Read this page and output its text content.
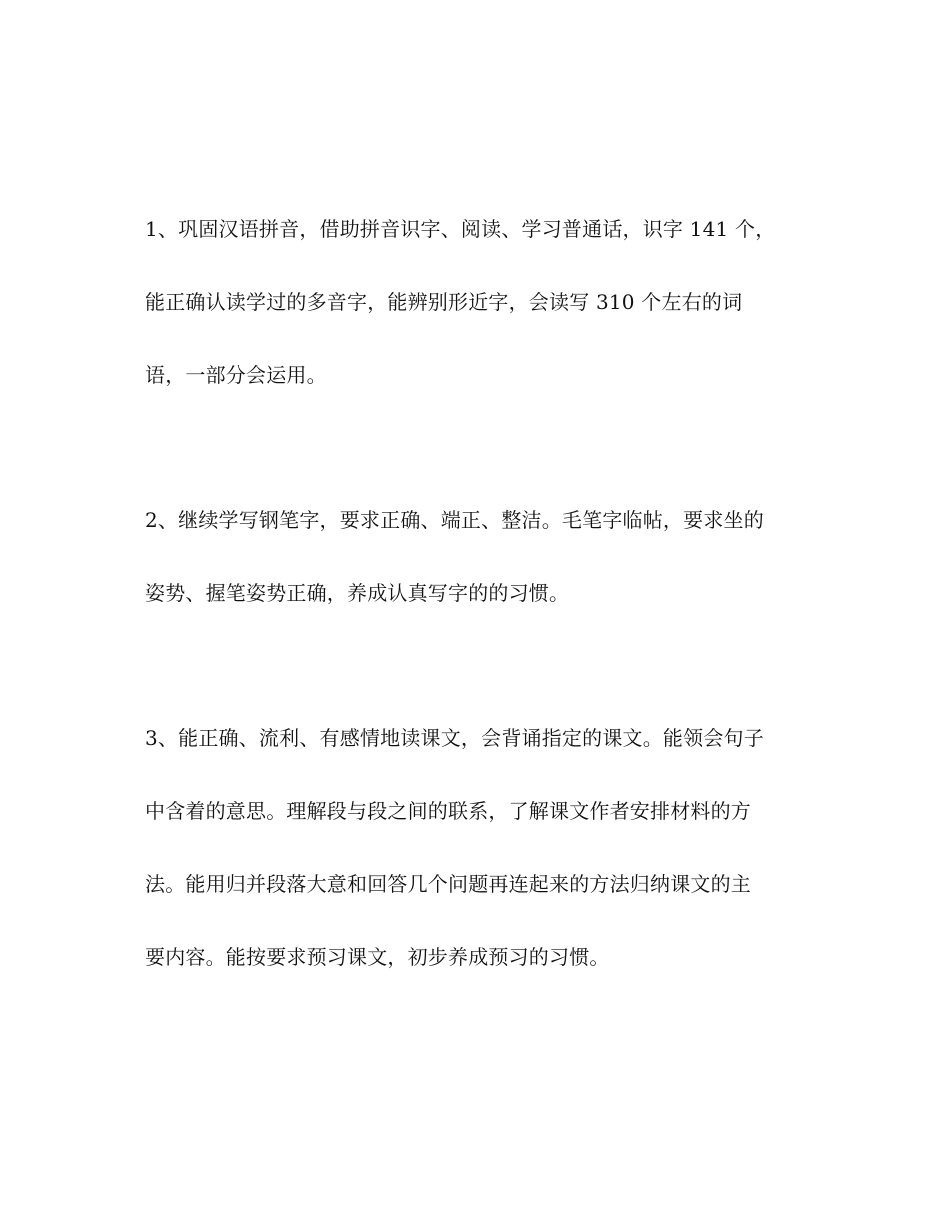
1、巩固汉语拼音，借助拼音识字、阅读、学习普通话，识字 141 个，
能正确认读学过的多音字，能辨别形近字，会读写 310 个左右的词
语，一部分会运用。
2、继续学写钢笔字，要求正确、端正、整洁。毛笔字临帖，要求坐的
姿势、握笔姿势正确，养成认真写字的的习惯。
3、能正确、流利、有感情地读课文，会背诵指定的课文。能领会句子
中含着的意思。理解段与段之间的联系，了解课文作者安排材料的方
法。能用归并段落大意和回答几个问题再连起来的方法归纳课文的主
要内容。能按要求预习课文，初步养成预习的习惯。
